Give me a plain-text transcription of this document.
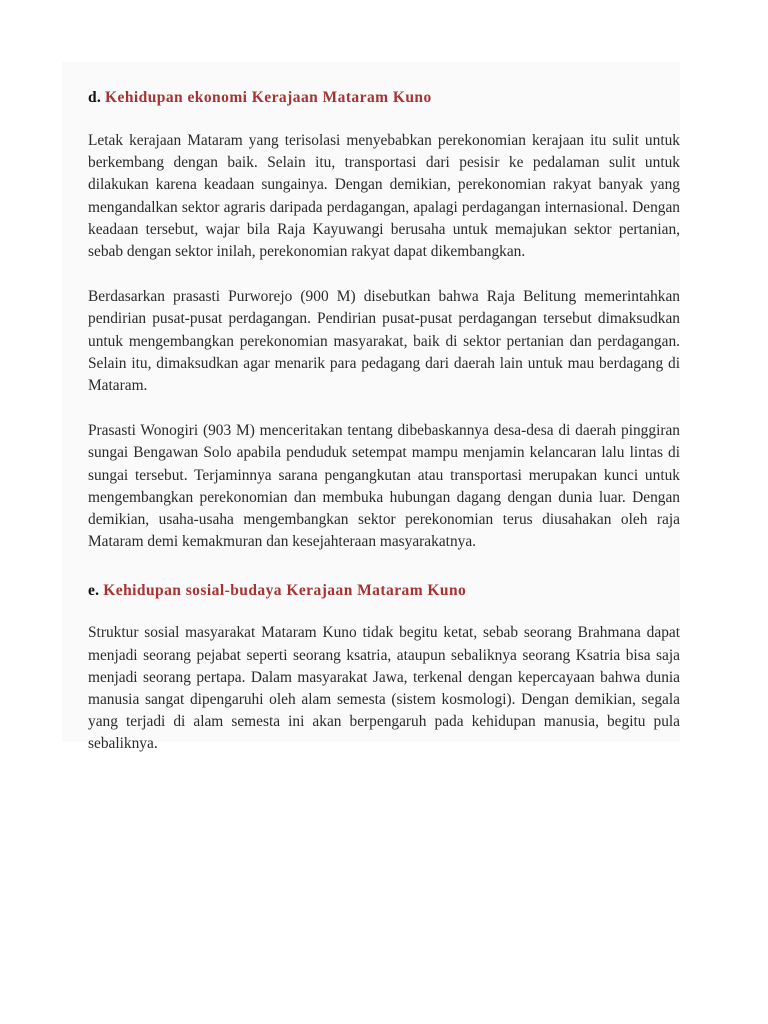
d. Kehidupan ekonomi Kerajaan Mataram Kuno

Letak kerajaan Mataram yang terisolasi menyebabkan perekonomian kerajaan itu sulit untuk berkembang dengan baik. Selain itu, transportasi dari pesisir ke pedalaman sulit untuk dilakukan karena keadaan sungainya. Dengan demikian, perekonomian rakyat banyak yang mengandalkan sektor agraris daripada perdagangan, apalagi perdagangan internasional. Dengan keadaan tersebut, wajar bila Raja Kayuwangi berusaha untuk memajukan sektor pertanian, sebab dengan sektor inilah, perekonomian rakyat dapat dikembangkan.

Berdasarkan prasasti Purworejo (900 M) disebutkan bahwa Raja Belitung memerintahkan pendirian pusat-pusat perdagangan. Pendirian pusat-pusat perdagangan tersebut dimaksudkan untuk mengembangkan perekonomian masyarakat, baik di sektor pertanian dan perdagangan. Selain itu, dimaksudkan agar menarik para pedagang dari daerah lain untuk mau berdagang di Mataram.

Prasasti Wonogiri (903 M) menceritakan tentang dibebaskannya desa-desa di daerah pinggiran sungai Bengawan Solo apabila penduduk setempat mampu menjamin kelancaran lalu lintas di sungai tersebut. Terjaminnya sarana pengangkutan atau transportasi merupakan kunci untuk mengembangkan perekonomian dan membuka hubungan dagang dengan dunia luar. Dengan demikian, usaha-usaha mengembangkan sektor perekonomian terus diusahakan oleh raja Mataram demi kemakmuran dan kesejahteraan masyarakatnya.

e. Kehidupan sosial-budaya Kerajaan Mataram Kuno

Struktur sosial masyarakat Mataram Kuno tidak begitu ketat, sebab seorang Brahmana dapat menjadi seorang pejabat seperti seorang ksatria, ataupun sebaliknya seorang Ksatria bisa saja menjadi seorang pertapa. Dalam masyarakat Jawa, terkenal dengan kepercayaan bahwa dunia manusia sangat dipengaruhi oleh alam semesta (sistem kosmologi). Dengan demikian, segala yang terjadi di alam semesta ini akan berpengaruh pada kehidupan manusia, begitu pula sebaliknya.
